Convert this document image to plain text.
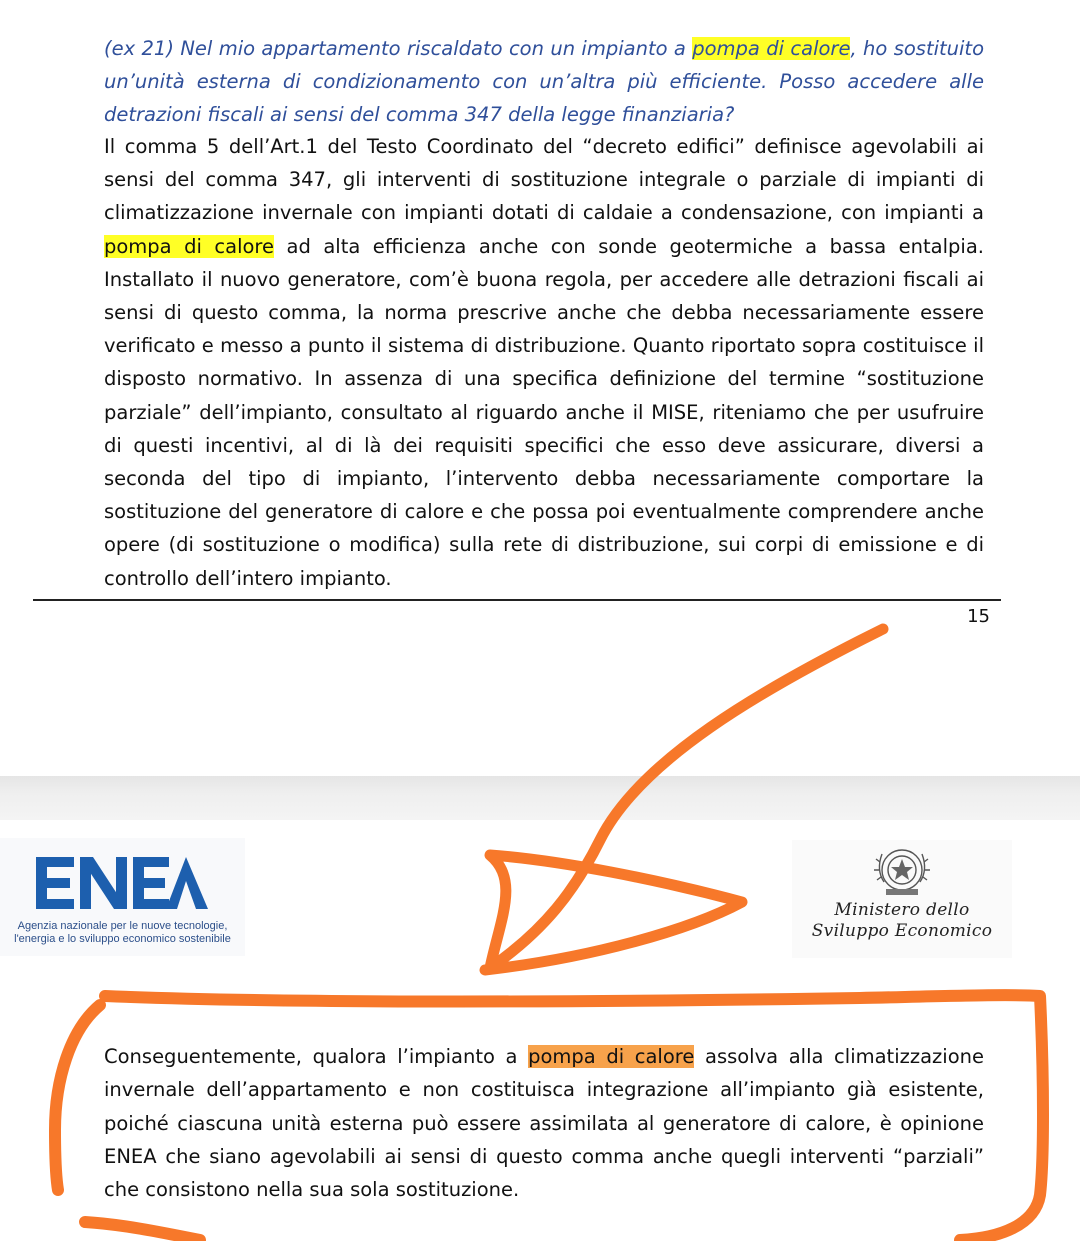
(ex 21) Nel mio appartamento riscaldato con un impianto a pompa di calore, ho sostituito un’unità esterna di condizionamento con un’altra più efficiente. Posso accedere alle detrazioni fiscali ai sensi del comma 347 della legge finanziaria?
Il comma 5 dell’Art.1 del Testo Coordinato del “decreto edifici” definisce agevolabili ai sensi del comma 347, gli interventi di sostituzione integrale o parziale di impianti di climatizzazione invernale con impianti dotati di caldaie a condensazione, con impianti a pompa di calore ad alta efficienza anche con sonde geotermiche a bassa entalpia. Installato il nuovo generatore, com’è buona regola, per accedere alle detrazioni fiscali ai sensi di questo comma, la norma prescrive anche che debba necessariamente essere verificato e messo a punto il sistema di distribuzione. Quanto riportato sopra costituisce il disposto normativo. In assenza di una specifica definizione del termine “sostituzione parziale” dell’impianto, consultato al riguardo anche il MISE, riteniamo che per usufruire di questi incentivi, al di là dei requisiti specifici che esso deve assicurare, diversi a seconda del tipo di impianto, l’intervento debba necessariamente comportare la sostituzione del generatore di calore e che possa poi eventualmente comprendere anche opere (di sostituzione o modifica) sulla rete di distribuzione, sui corpi di emissione e di controllo dell’intero impianto.
15
Agenzia nazionale per le nuove tecnologie,
l'energia e lo sviluppo economico sostenibile
Ministero dello
Sviluppo Economico
Conseguentemente, qualora l’impianto a pompa di calore assolva alla climatizzazione invernale dell’appartamento e non costituisca integrazione all’impianto già esistente, poiché ciascuna unità esterna può essere assimilata al generatore di calore, è opinione ENEA che siano agevolabili ai sensi di questo comma anche quegli interventi “parziali” che consistono nella sua sola sostituzione.
